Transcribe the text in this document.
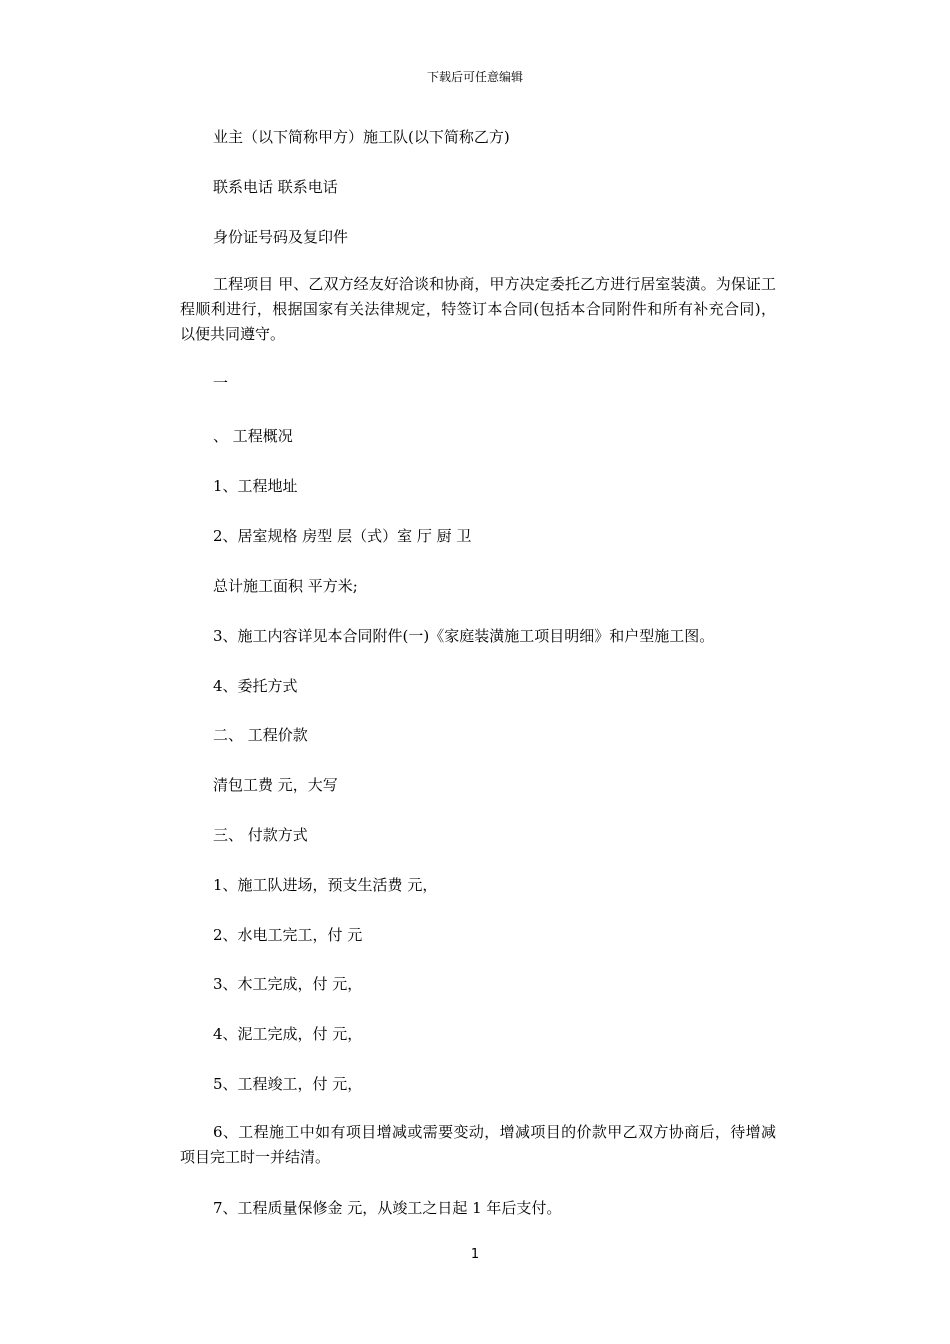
下载后可任意编辑
业主（以下简称甲方）施工队(以下简称乙方)
联系电话 联系电话
身份证号码及复印件
工程项目 甲、乙双方经友好洽谈和协商，甲方决定委托乙方进行居室装潢。为保证工程顺利进行，根据国家有关法律规定，特签订本合同(包括本合同附件和所有补充合同)，以便共同遵守。
一
、 工程概况
1、工程地址
2、居室规格 房型 层（式）室 厅 厨 卫
总计施工面积 平方米;
3、施工内容详见本合同附件(一)《家庭装潢施工项目明细》和户型施工图。
4、委托方式
二、 工程价款
清包工费 元，大写
三、 付款方式
1、施工队进场，预支生活费 元，
2、水电工完工，付 元
3、木工完成，付 元，
4、泥工完成，付 元，
5、工程竣工，付 元，
6、工程施工中如有项目增减或需要变动，增减项目的价款甲乙双方协商后，待增减项目完工时一并结清。
7、工程质量保修金 元，从竣工之日起 1 年后支付。
1
